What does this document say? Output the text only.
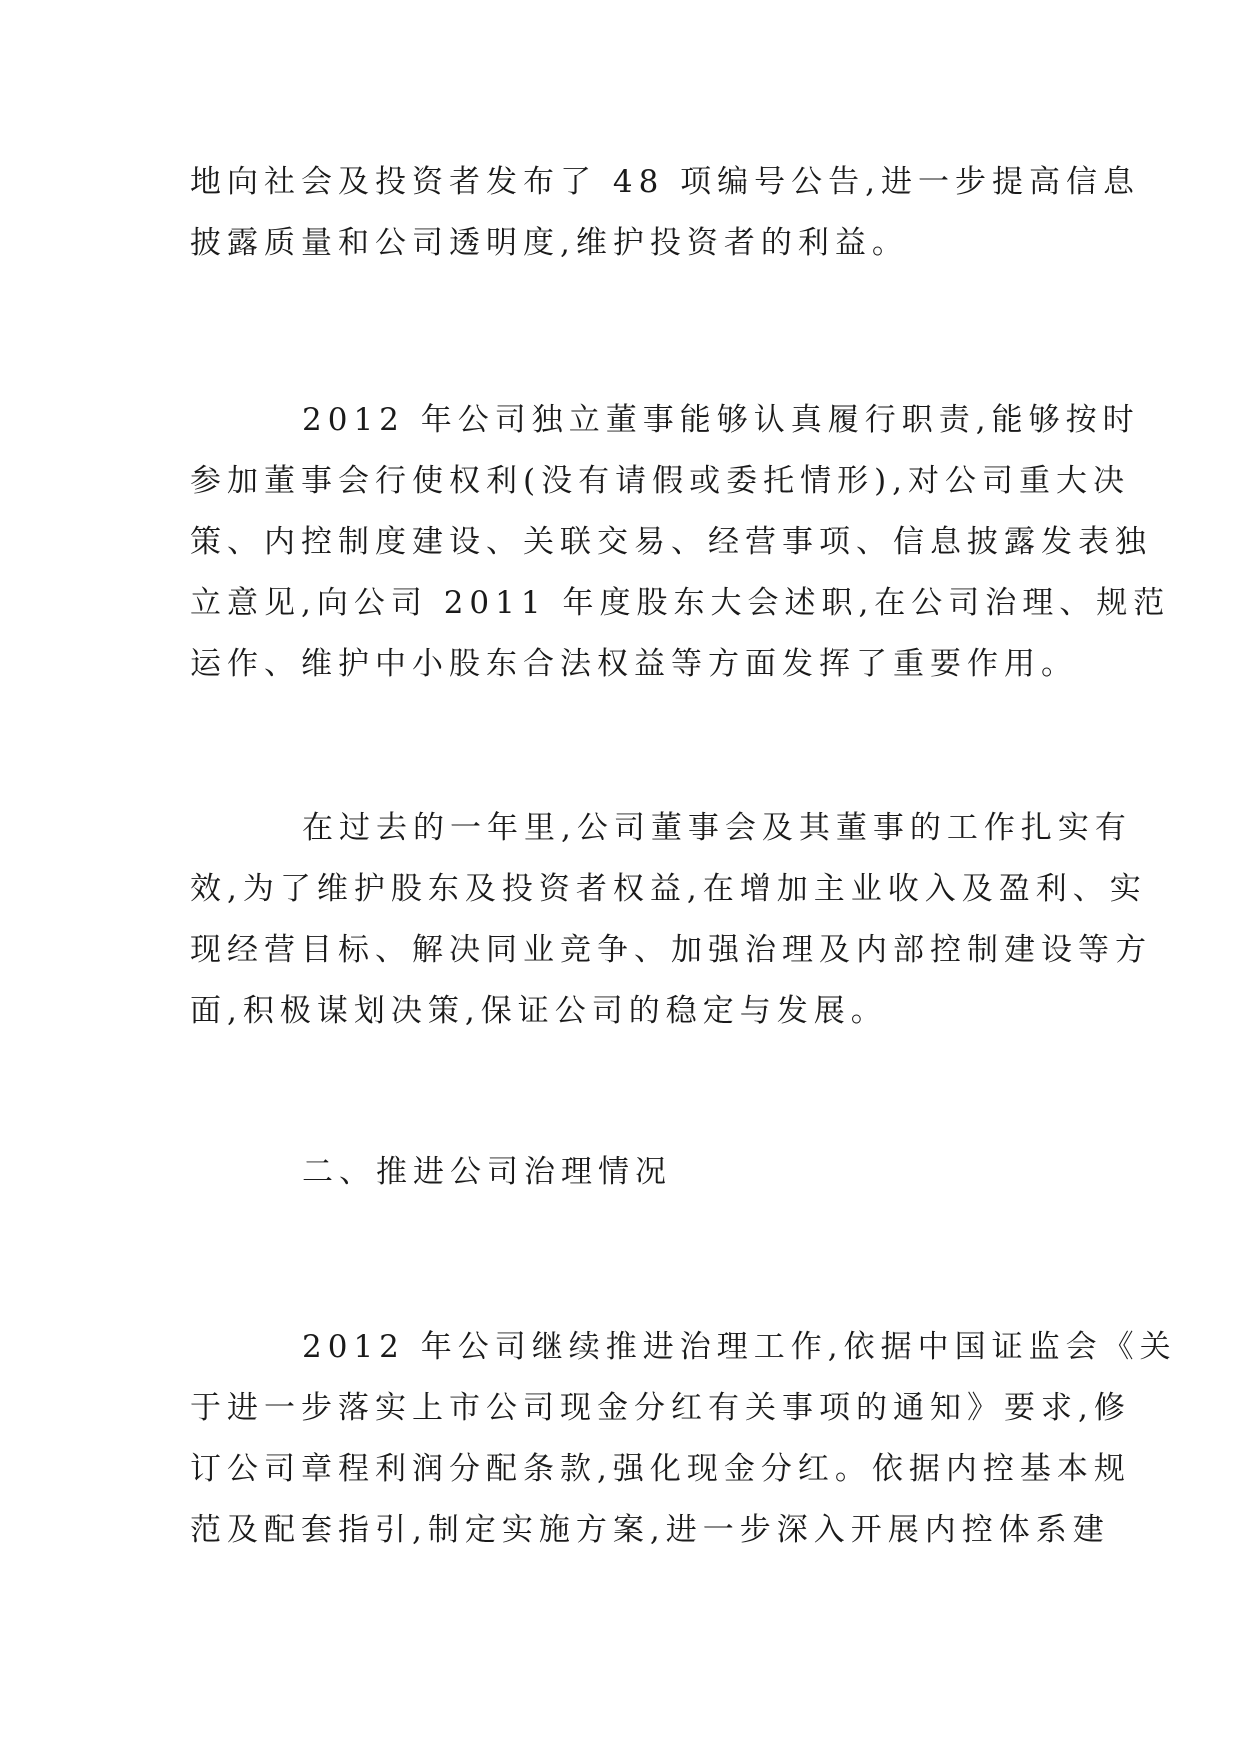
地向社会及投资者发布了 48 项编号公告,进一步提高信息
披露质量和公司透明度,维护投资者的利益。
2012 年公司独立董事能够认真履行职责,能够按时
参加董事会行使权利(没有请假或委托情形),对公司重大决
策、内控制度建设、关联交易、经营事项、信息披露发表独
立意见,向公司 2011 年度股东大会述职,在公司治理、规范
运作、维护中小股东合法权益等方面发挥了重要作用。
在过去的一年里,公司董事会及其董事的工作扎实有
效,为了维护股东及投资者权益,在增加主业收入及盈利、实
现经营目标、解决同业竞争、加强治理及内部控制建设等方
面,积极谋划决策,保证公司的稳定与发展。
二、推进公司治理情况
2012 年公司继续推进治理工作,依据中国证监会《关
于进一步落实上市公司现金分红有关事项的通知》要求,修
订公司章程利润分配条款,强化现金分红。依据内控基本规
范及配套指引,制定实施方案,进一步深入开展内控体系建
